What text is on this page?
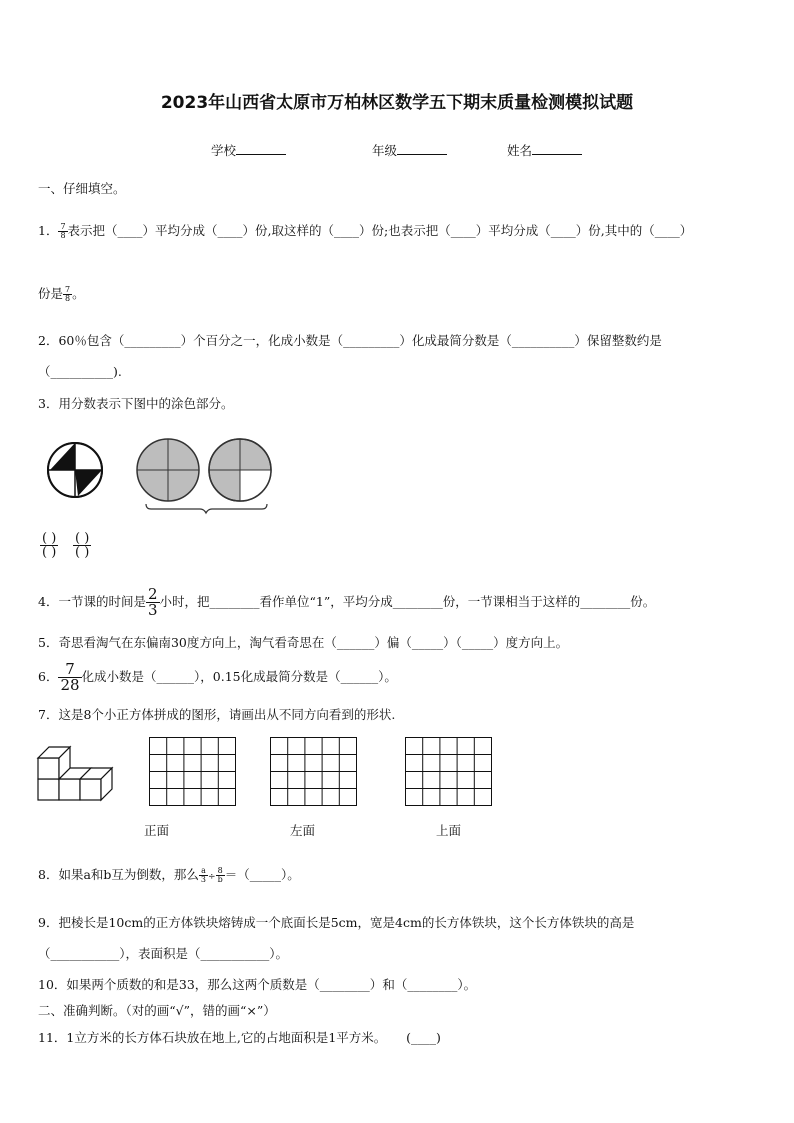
2023年山西省太原市万柏林区数学五下期末质量检测模拟试题
学校	年级	姓名
一、仔细填空。
1． $\frac{7}{8}$ 表示把（____）平均分成（____）份,取这样的（____）份;也表示把（____）平均分成（____）份,其中的（____）
份是 $\frac{7}{8}$ 。
2．60％包含（_________）个百分之一，化成小数是（_________）化成最简分数是（__________）保留整数约是
（__________).
3．用分数表示下图中的涂色部分。
$\frac{( )}{( )} \frac{( )}{( )}$
4．一节课的时间是 $\frac{2}{3}$ 小时，把________看作单位“1”，平均分成________份，一节课相当于这样的________份。
5．奇思看淘气在东偏南30度方向上，淘气看奇思在（______）偏（_____）（_____）度方向上。
6． $\frac{7}{28}$ 化成小数是（______），0.15化成最简分数是（______）。
7．这是8个小正方体拼成的图形，请画出从不同方向看到的形状.
正面	左面	上面
8．如果a和b互为倒数，那么 $\frac{a}{3} \div \frac{8}{b}$ ＝（_____）。
9．把棱长是10cm的正方体铁块熔铸成一个底面长是5cm，宽是4cm的长方体铁块，这个长方体铁块的高是
（___________），表面积是（___________）。
10．如果两个质数的和是33，那么这两个质数是（________）和（________）。
二、准确判断。（对的画“√”，错的画“×”）
11．1立方米的长方体石块放在地上,它的占地面积是1平方米。     (____)
